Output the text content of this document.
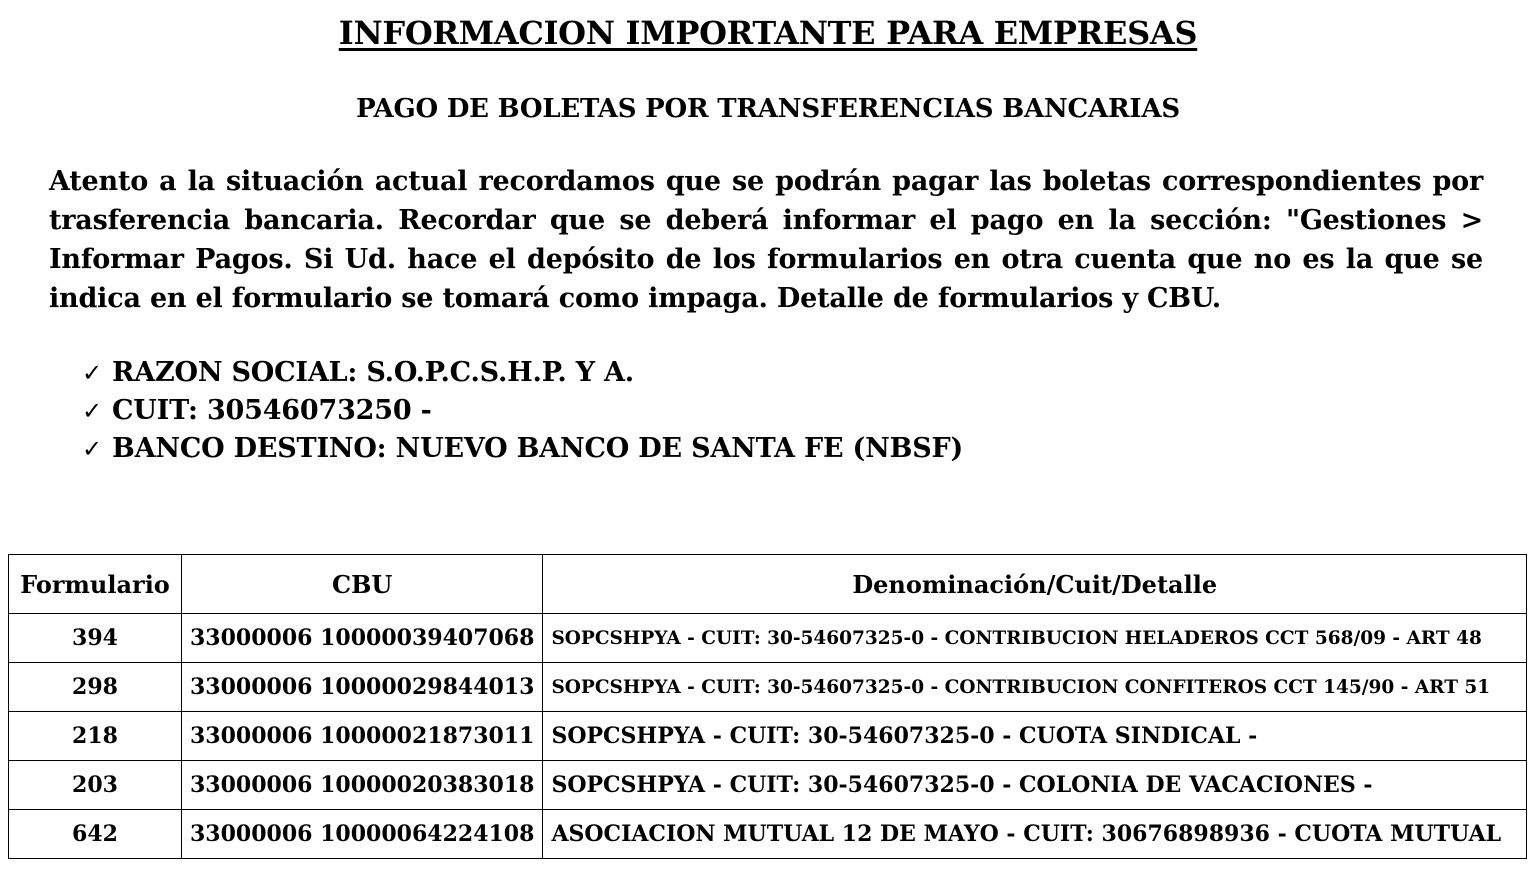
INFORMACION IMPORTANTE PARA EMPRESAS
PAGO DE BOLETAS POR TRANSFERENCIAS BANCARIAS

Atento a la situación actual recordamos que se podrán pagar las boletas correspondientes por trasferencia bancaria. Recordar que se deberá informar el pago en la sección: "Gestiones > Informar Pagos. Si Ud. hace el depósito de los formularios en otra cuenta que no es la que se indica en el formulario se tomará como impaga. Detalle de formularios y CBU.

✓ RAZON SOCIAL: S.O.P.C.S.H.P. Y A.
✓ CUIT: 30546073250 -
✓ BANCO DESTINO: NUEVO BANCO DE SANTA FE (NBSF)
Formulario	CBU	Denominación/Cuit/Detalle
394	33000006 10000039407068	SOPCSHPYA - CUIT: 30-54607325-0 - CONTRIBUCION HELADEROS CCT 568/09 - ART 48
298	33000006 10000029844013	SOPCSHPYA - CUIT: 30-54607325-0 - CONTRIBUCION CONFITEROS CCT 145/90 - ART 51
218	33000006 10000021873011	SOPCSHPYA - CUIT: 30-54607325-0 - CUOTA SINDICAL -
203	33000006 10000020383018	SOPCSHPYA - CUIT: 30-54607325-0 - COLONIA DE VACACIONES -
642	33000006 10000064224108	ASOCIACION MUTUAL 12 DE MAYO - CUIT: 30676898936 - CUOTA MUTUAL
